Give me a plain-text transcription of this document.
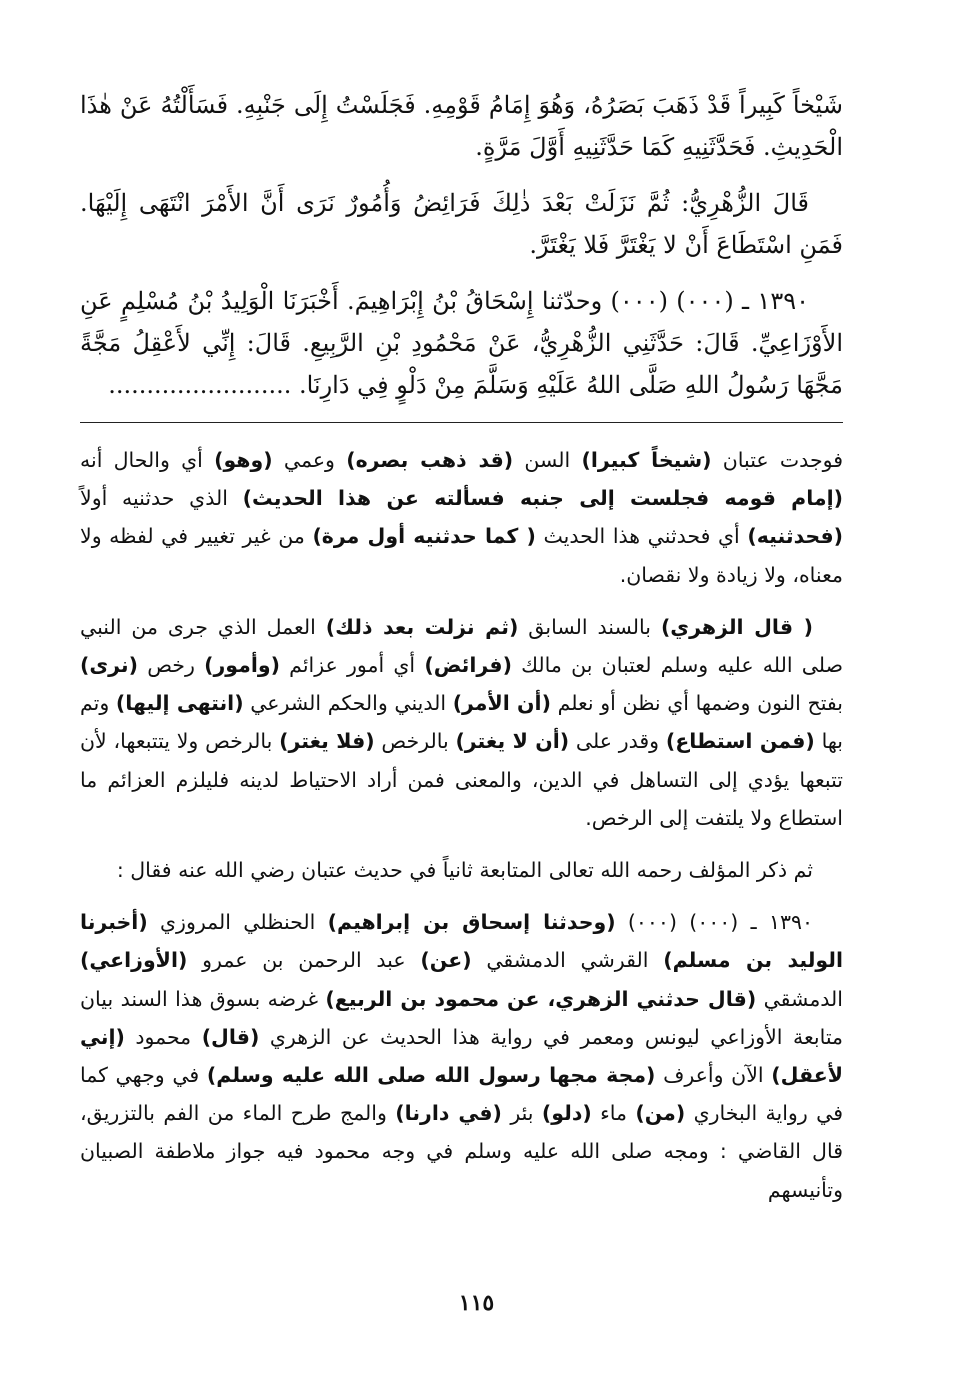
شَيْخاً كَبِيراً قَدْ ذَهَبَ بَصَرُهُ، وَهُوَ إِمَامُ قَوْمِهِ. فَجَلَسْتُ إِلَى جَنْبِهِ. فَسَأَلْتُهُ عَنْ هٰذَا الْحَدِيثِ. فَحَدَّثَنِيهِ كَمَا حَدَّثَنِيهِ أَوَّلَ مَرَّةٍ.

قَالَ الزُّهْرِيُّ: ثُمَّ نَزَلَتْ بَعْدَ ذٰلِكَ فَرَائِضُ وَأُمُورٌ نَرَى أَنَّ الأَمْرَ انْتَهَى إِلَيْهَا. فَمَنِ اسْتَطَاعَ أَنْ لا يَغْتَرَّ فَلا يَغْتَرَّ.

١٣٩٠ ـ (٠٠٠) (٠٠٠) وحدّثنا إِسْحَاقُ بْنُ إِبْرَاهِيمَ. أَخْبَرَنَا الْوَلِيدُ بْنُ مُسْلِمٍ عَنِ الأَوْزَاعِيِّ. قَالَ: حَدَّثَنِي الزُّهْرِيُّ، عَنْ مَحْمُودِ بْنِ الرَّبِيعِ. قَالَ: إِنِّي لأَعْقِلُ مَجَّةً مَجَّهَا رَسُولُ اللهِ صَلَّى اللهُ عَلَيْهِ وَسَلَّمَ مِنْ دَلْوٍ فِي دَارِنَا. ........................

فوجدت عتبان (شيخاً كبيرا) السن (قد ذهب بصره) وعمي (وهو) أي والحال أنه (إمام قومه فجلست إلى جنبه فسألته عن هذا الحديث) الذي حدثنيه أولاً (فحدثنيه) أي فحدثني هذا الحديث ( كما حدثنيه أول مرة) من غير تغيير في لفظه ولا معناه، ولا زيادة ولا نقصان.

( قال الزهري) بالسند السابق (ثم نزلت بعد ذلك) العمل الذي جرى من النبي صلى الله عليه وسلم لعتبان بن مالك (فرائض) أي أمور عزائم (وأمور) رخص (نرى) بفتح النون وضمها أي نظن أو نعلم (أن الأمر) الديني والحكم الشرعي (انتهى إليها) وتم بها (فمن استطاع) وقدر على (أن لا يغتر) بالرخص (فلا يغتر) بالرخص ولا يتتبعها، لأن تتبعها يؤدي إلى التساهل في الدين، والمعنى فمن أراد الاحتياط لدينه فليلزم العزائم ما استطاع ولا يلتفت إلى الرخص.

ثم ذكر المؤلف رحمه الله تعالى المتابعة ثانياً في حديث عتبان رضي الله عنه فقال :

١٣٩٠ ـ (٠٠٠) (٠٠٠) (وحدثنا إسحاق بن إبراهيم) الحنظلي المروزي (أخبرنا الوليد بن مسلم) القرشي الدمشقي (عن) عبد الرحمن بن عمرو (الأوزاعي) الدمشقي (قال حدثني الزهري، عن محمود بن الربيع) غرضه بسوق هذا السند بيان متابعة الأوزاعي ليونس ومعمر في رواية هذا الحديث عن الزهري (قال) محمود (إني لأعقل) الآن وأعرف (مجة مجها رسول الله صلى الله عليه وسلم) في وجهي كما في رواية البخاري (من) ماء (دلو) بئر (في دارنا) والمج طرح الماء من الفم بالتزريق، قال القاضي : ومجه صلى الله عليه وسلم في وجه محمود فيه جواز ملاطفة الصبيان وتأنيسهم

١١٥
